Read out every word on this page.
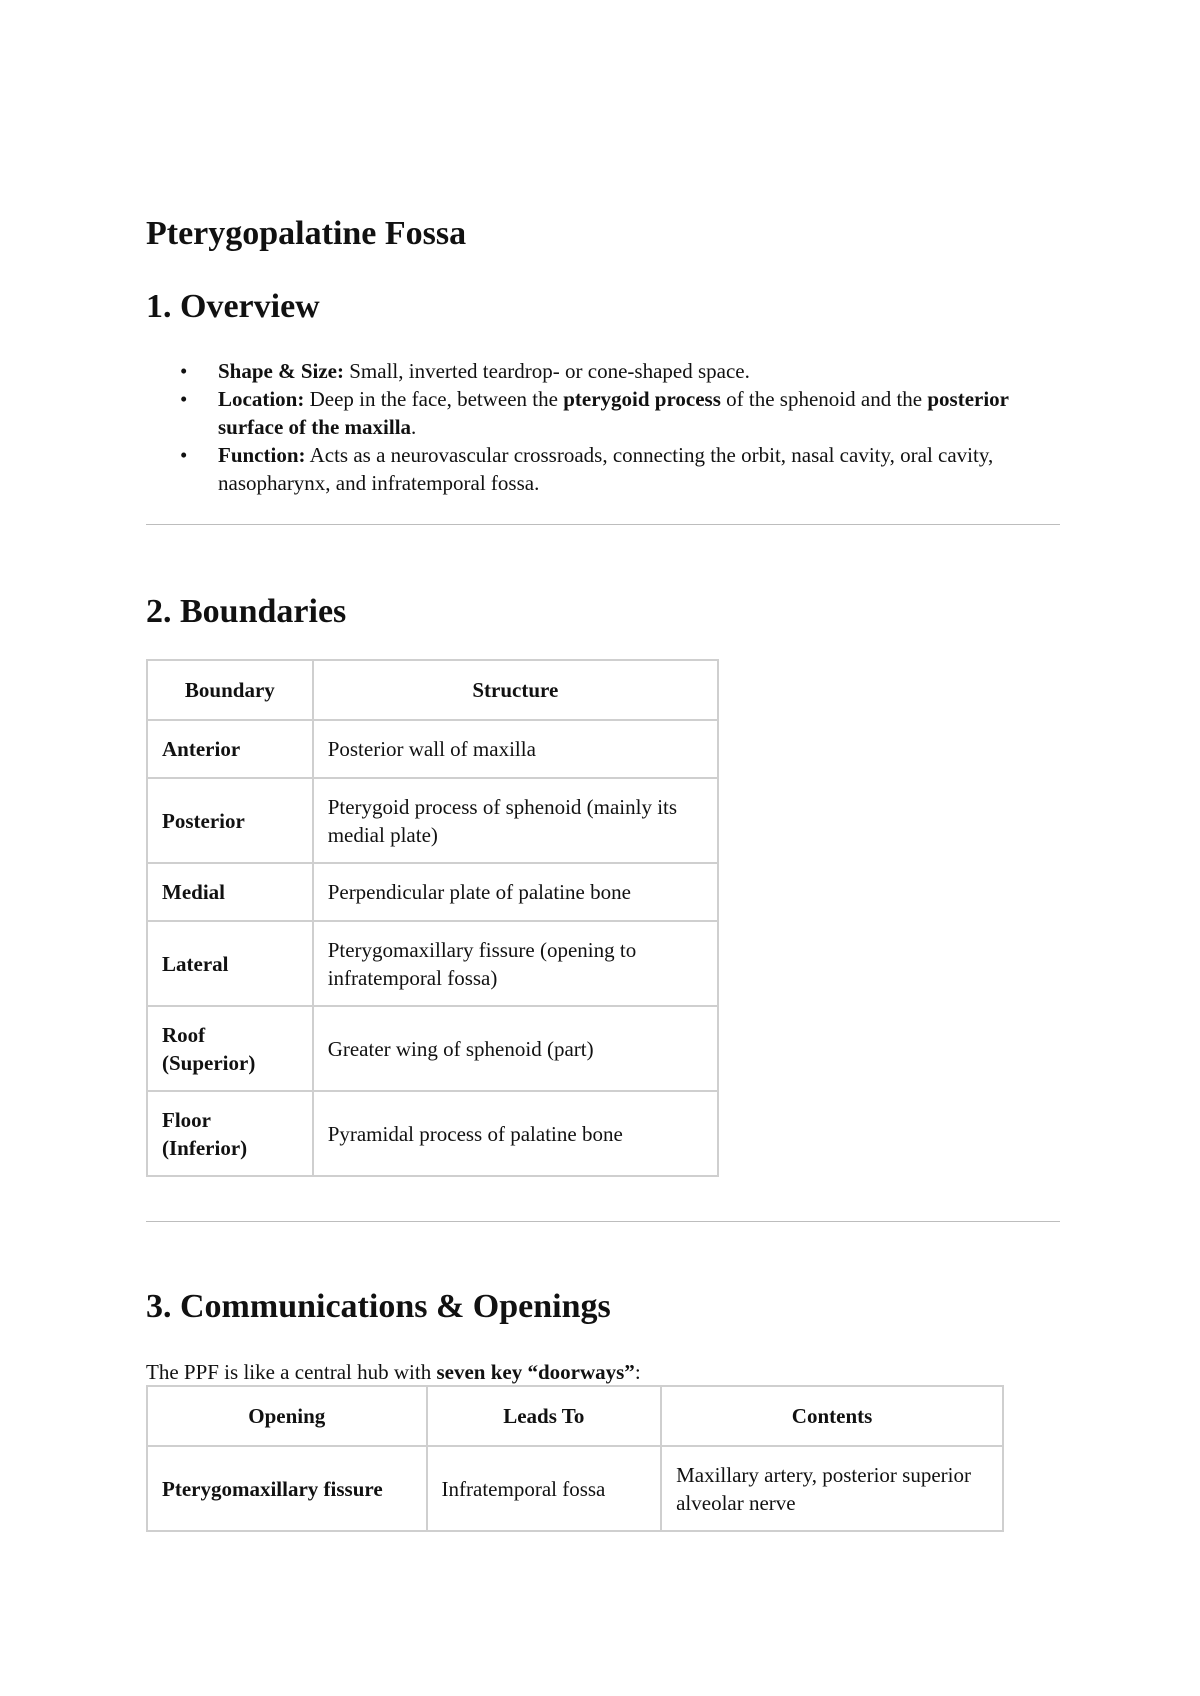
Pterygopalatine Fossa
1. Overview
• Shape & Size: Small, inverted teardrop- or cone-shaped space.
• Location: Deep in the face, between the pterygoid process of the sphenoid and the posterior surface of the maxilla.
• Function: Acts as a neurovascular crossroads, connecting the orbit, nasal cavity, oral cavity, nasopharynx, and infratemporal fossa.
2. Boundaries
Boundary	Structure
Anterior	Posterior wall of maxilla
Posterior	Pterygoid process of sphenoid (mainly its medial plate)
Medial	Perpendicular plate of palatine bone
Lateral	Pterygomaxillary fissure (opening to infratemporal fossa)
Roof (Superior)	Greater wing of sphenoid (part)
Floor (Inferior)	Pyramidal process of palatine bone
3. Communications & Openings
The PPF is like a central hub with seven key “doorways”:
Opening	Leads To	Contents
Pterygomaxillary fissure	Infratemporal fossa	Maxillary artery, posterior superior alveolar nerve
